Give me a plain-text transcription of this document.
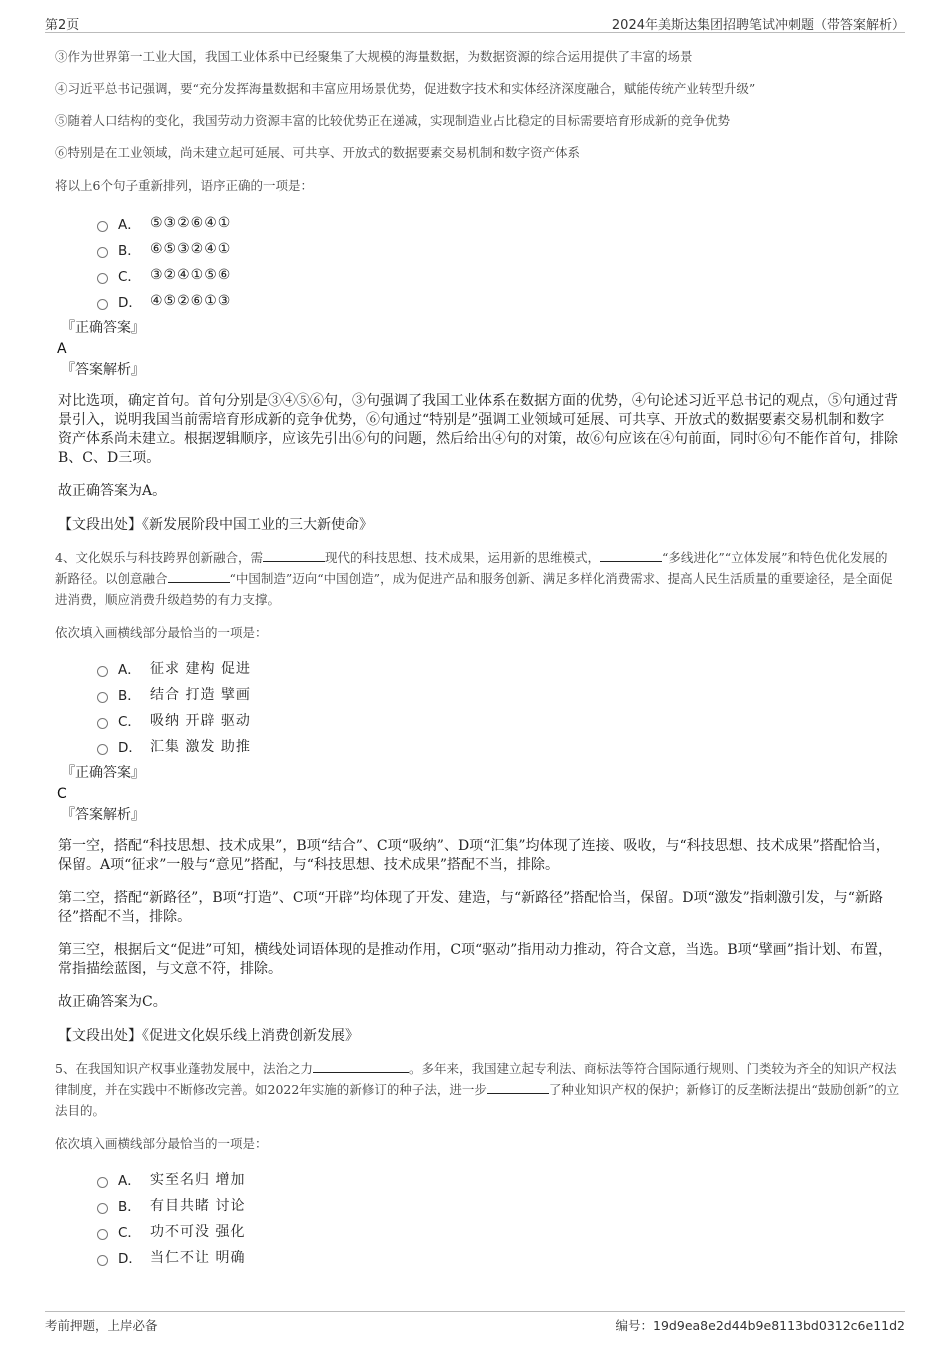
第2页	2024年美斯达集团招聘笔试冲刺题（带答案解析）

③作为世界第一工业大国，我国工业体系中已经聚集了大规模的海量数据，为数据资源的综合运用提供了丰富的场景

④习近平总书记强调，要“充分发挥海量数据和丰富应用场景优势，促进数字技术和实体经济深度融合，赋能传统产业转型升级”

⑤随着人口结构的变化，我国劳动力资源丰富的比较优势正在递减，实现制造业占比稳定的目标需要培育形成新的竞争优势

⑥特别是在工业领域，尚未建立起可延展、可共享、开放式的数据要素交易机制和数字资产体系

将以上6个句子重新排列，语序正确的一项是：

A． ⑤③②⑥④①
B． ⑥⑤③②④①
C． ③②④①⑤⑥
D． ④⑤②⑥①③
『正确答案』
A
『答案解析』

对比选项，确定首句。首句分别是③④⑤⑥句，③句强调了我国工业体系在数据方面的优势，④句论述习近平总书记的观点，⑤句通过背景引入，说明我国当前需培育形成新的竞争优势，⑥句通过“特别是”强调工业领域可延展、可共享、开放式的数据要素交易机制和数字资产体系尚未建立。根据逻辑顺序，应该先引出⑥句的问题，然后给出④句的对策，故⑥句应该在④句前面，同时⑥句不能作首句，排除B、C、D三项。

故正确答案为A。

【文段出处】《新发展阶段中国工业的三大新使命》

4、文化娱乐与科技跨界创新融合，需	现代的科技思想、技术成果，运用新的思维模式，	“多线进化”“立体发展”和特色优化发展的新路径。以创意融合	“中国制造”迈向“中国创造”，成为促进产品和服务创新、满足多样化消费需求、提高人民生活质量的重要途径，是全面促进消费，顺应消费升级趋势的有力支撑。

依次填入画横线部分最恰当的一项是：

A． 征求 建构 促进
B． 结合 打造 擘画
C． 吸纳 开辟 驱动
D． 汇集 激发 助推
『正确答案』
C
『答案解析』

第一空，搭配“科技思想、技术成果”，B项“结合”、C项“吸纳”、D项“汇集”均体现了连接、吸收，与“科技思想、技术成果”搭配恰当，保留。A项“征求”一般与“意见”搭配，与“科技思想、技术成果”搭配不当，排除。

第二空，搭配“新路径”，B项“打造”、C项“开辟”均体现了开发、建造，与“新路径”搭配恰当，保留。D项“激发”指刺激引发，与“新路径”搭配不当，排除。

第三空，根据后文“促进”可知，横线处词语体现的是推动作用，C项“驱动”指用动力推动，符合文意，当选。B项“擘画”指计划、布置，常指描绘蓝图，与文意不符，排除。

故正确答案为C。

【文段出处】《促进文化娱乐线上消费创新发展》

5、在我国知识产权事业蓬勃发展中，法治之力	。多年来，我国建立起专利法、商标法等符合国际通行规则、门类较为齐全的知识产权法律制度，并在实践中不断修改完善。如2022年实施的新修订的种子法，进一步	了种业知识产权的保护；新修订的反垄断法提出“鼓励创新”的立法目的。

依次填入画横线部分最恰当的一项是：

A． 实至名归 增加
B． 有目共睹 讨论
C． 功不可没 强化
D． 当仁不让 明确
考前押题，上岸必备	编号：19d9ea8e2d44b9e8113bd0312c6e11d2
